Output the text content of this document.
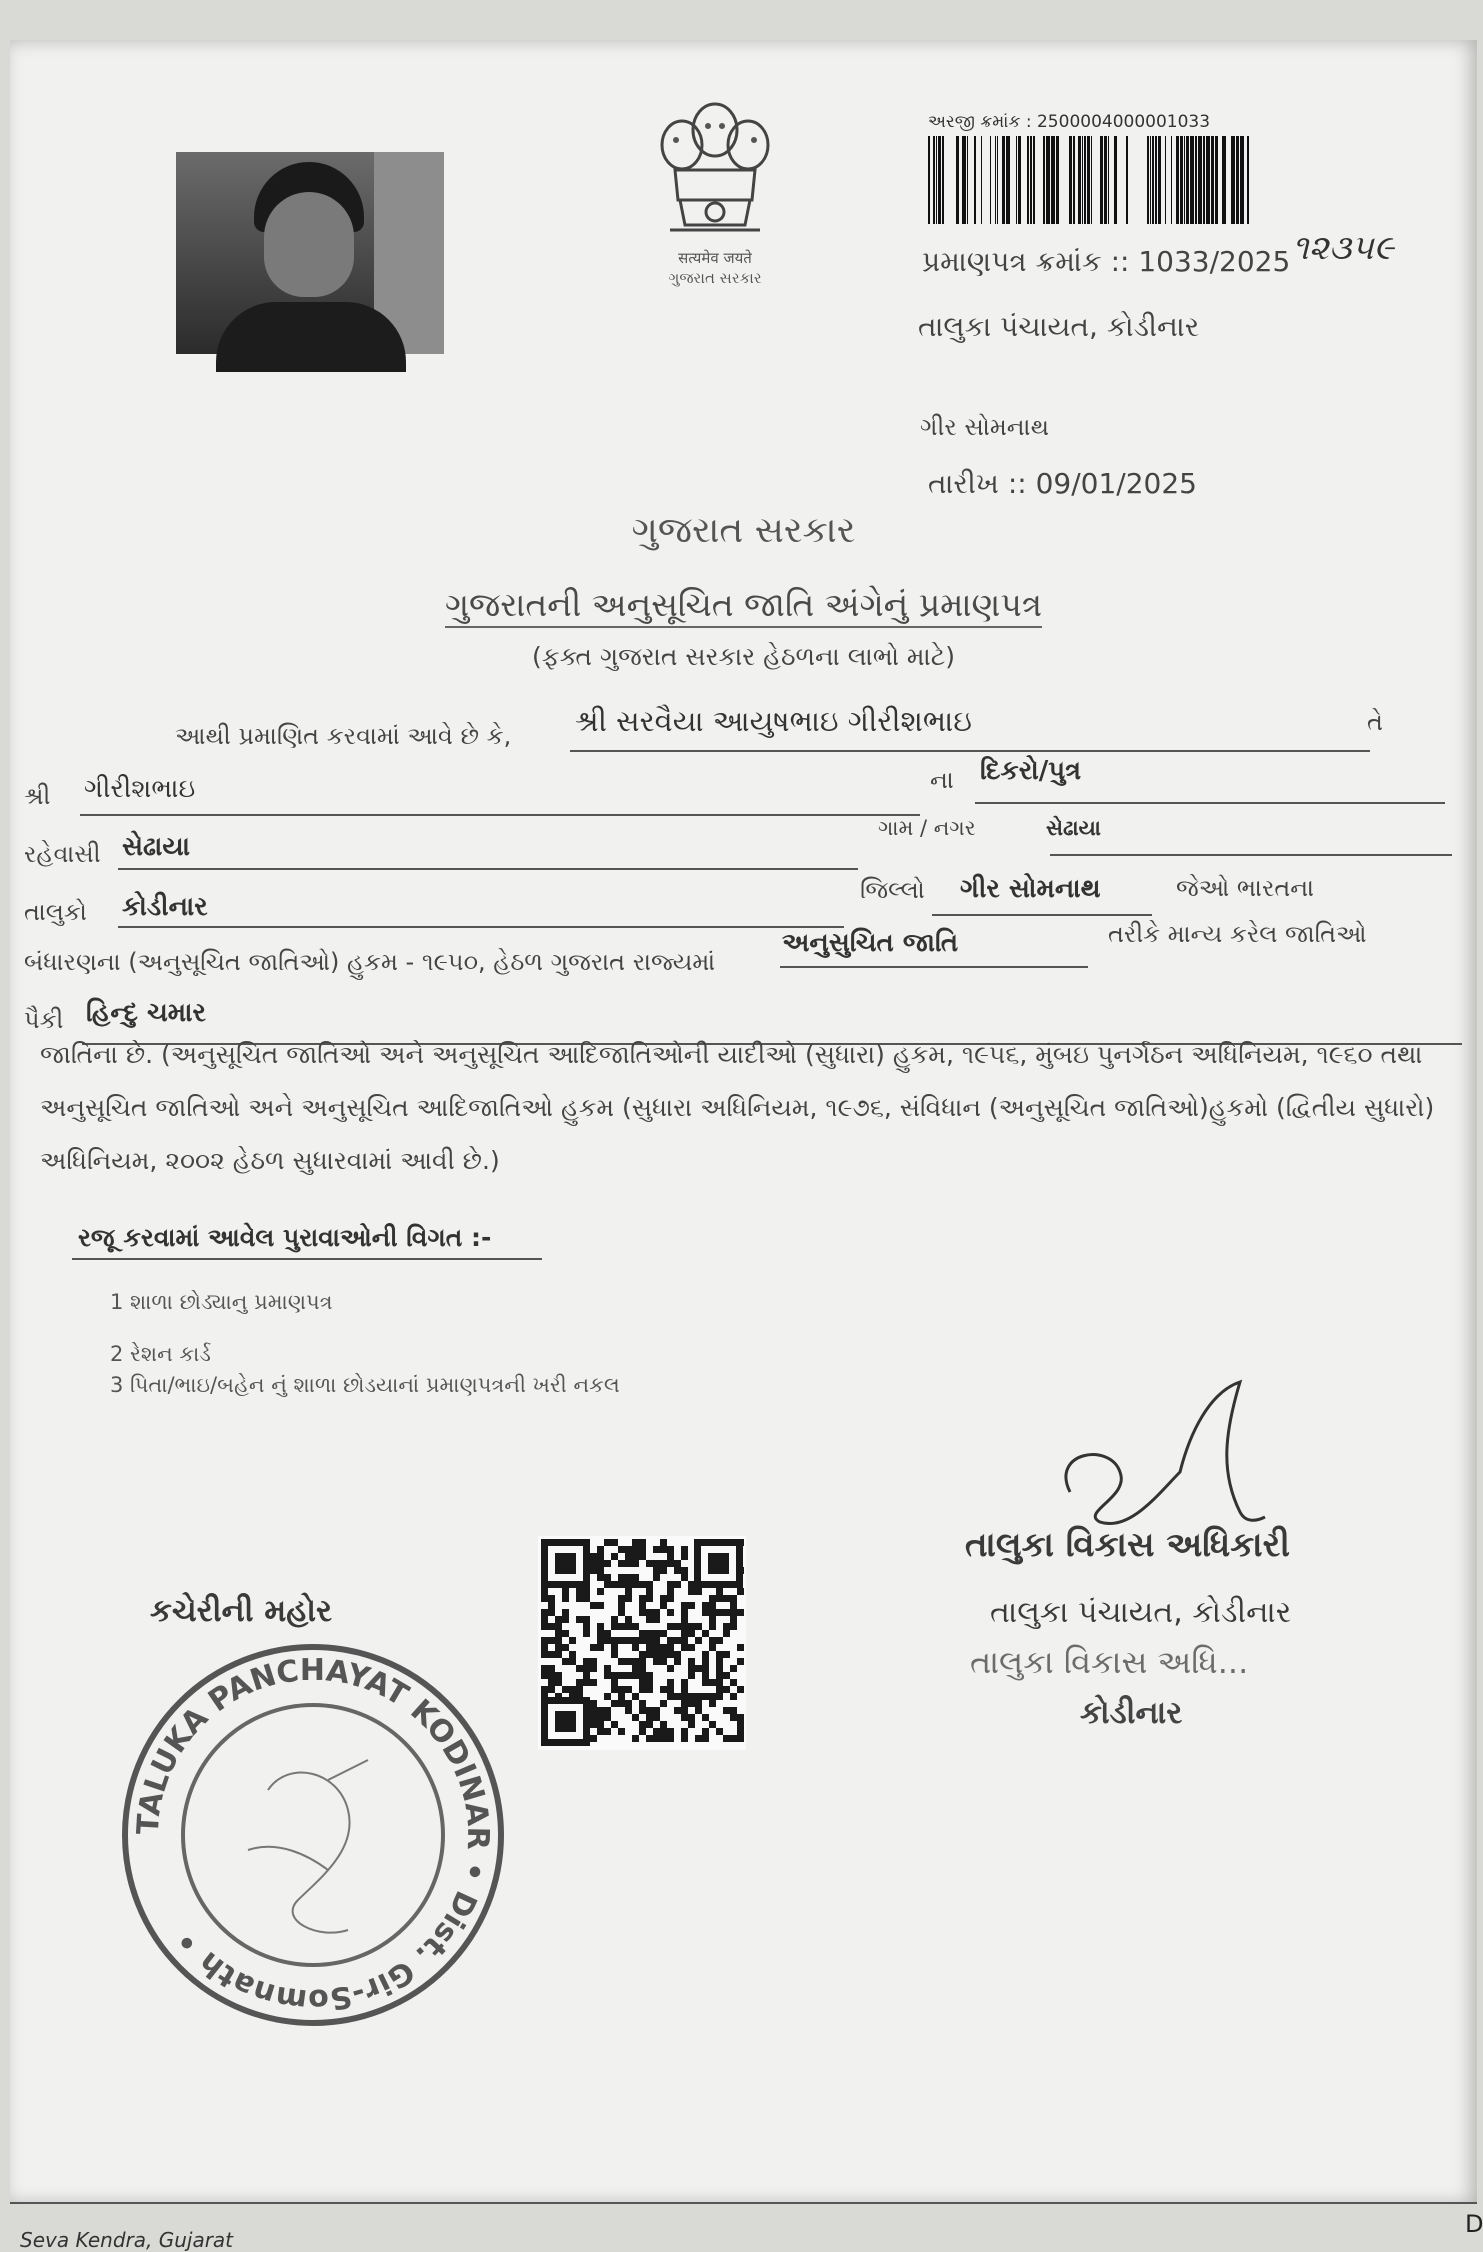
सत्यमेव जयते
ગુજરાત સરકાર
અરજી ક્રમાંક : 2500004000001033
પ્રમાણપત્ર ક્રમાંક :: 1033/2025 ૧૨૩૫૯
તાલુકા પંચાયત, કોડીનાર
ગીર સોમનાથ
તારીખ :: 09/01/2025
ગુજરાત સરકાર
ગુજરાતની અનુસૂચિત જાતિ અંગેનું પ્રમાણપત્ર
(ફક્ત ગુજરાત સરકાર હેઠળના લાભો માટે)
આથી પ્રમાણિત કરવામાં આવે છે કે, શ્રી સરવૈયા આયુષભાઇ ગીરીશભાઇ	તે
શ્રી ગીરીશભાઇ	ના દિકરો/પુત્ર
રહેવાસી સેઢાયા
ગામ / નગર	સેઢાયા
તાલુકો કોડીનાર
જિલ્લો ગીર સોમનાથ	જેઓ ભારતના
બંધારણના (અનુસૂચિત જાતિઓ) હુકમ - ૧૯૫૦, હેઠળ ગુજરાત રાજ્યમાં
અનુસુચિત જાતિ	તરીકે માન્ય કરેલ જાતિઓ
પૈકી હિન્દુ ચમાર
જાતિના છે. (અનુસૂચિત જાતિઓ અને અનુસૂચિત આદિજાતિઓની યાદીઓ (સુધારા) હુકમ, ૧૯૫૬, મુંબઇ પુનર્ગઠન અધિનિયમ, ૧૯૬૦ તથા અનુસૂચિત જાતિઓ અને અનુસૂચિત આદિજાતિઓ હુકમ (સુધારા અધિનિયમ, ૧૯૭૬, સંવિધાન (અનુસૂચિત જાતિઓ)હુકમો (દ્વિતીય સુધારો) અધિનિયમ, ૨૦૦૨ હેઠળ સુધારવામાં આવી છે.)
રજૂ કરવામાં આવેલ પુરાવાઓની વિગત :-
1 શાળા છોડ્યાનુ પ્રમાણપત્ર
2 રેશન કાર્ડ
3 પિતા/ભાઇ/બહેન નું શાળા છોડયાનાં પ્રમાણપત્રની ખરી નકલ
તાલુકા વિકાસ અધિકારી
તાલુકા પંચાયત, કોડીનાર
તાલુકા વિકાસ અધિ...
કોડીનાર
કચેરીની મહોર
TALUKA PANCHAYAT KODINAR • Dist. Gir-Somnath •
Seva Kendra, Gujarat
D
